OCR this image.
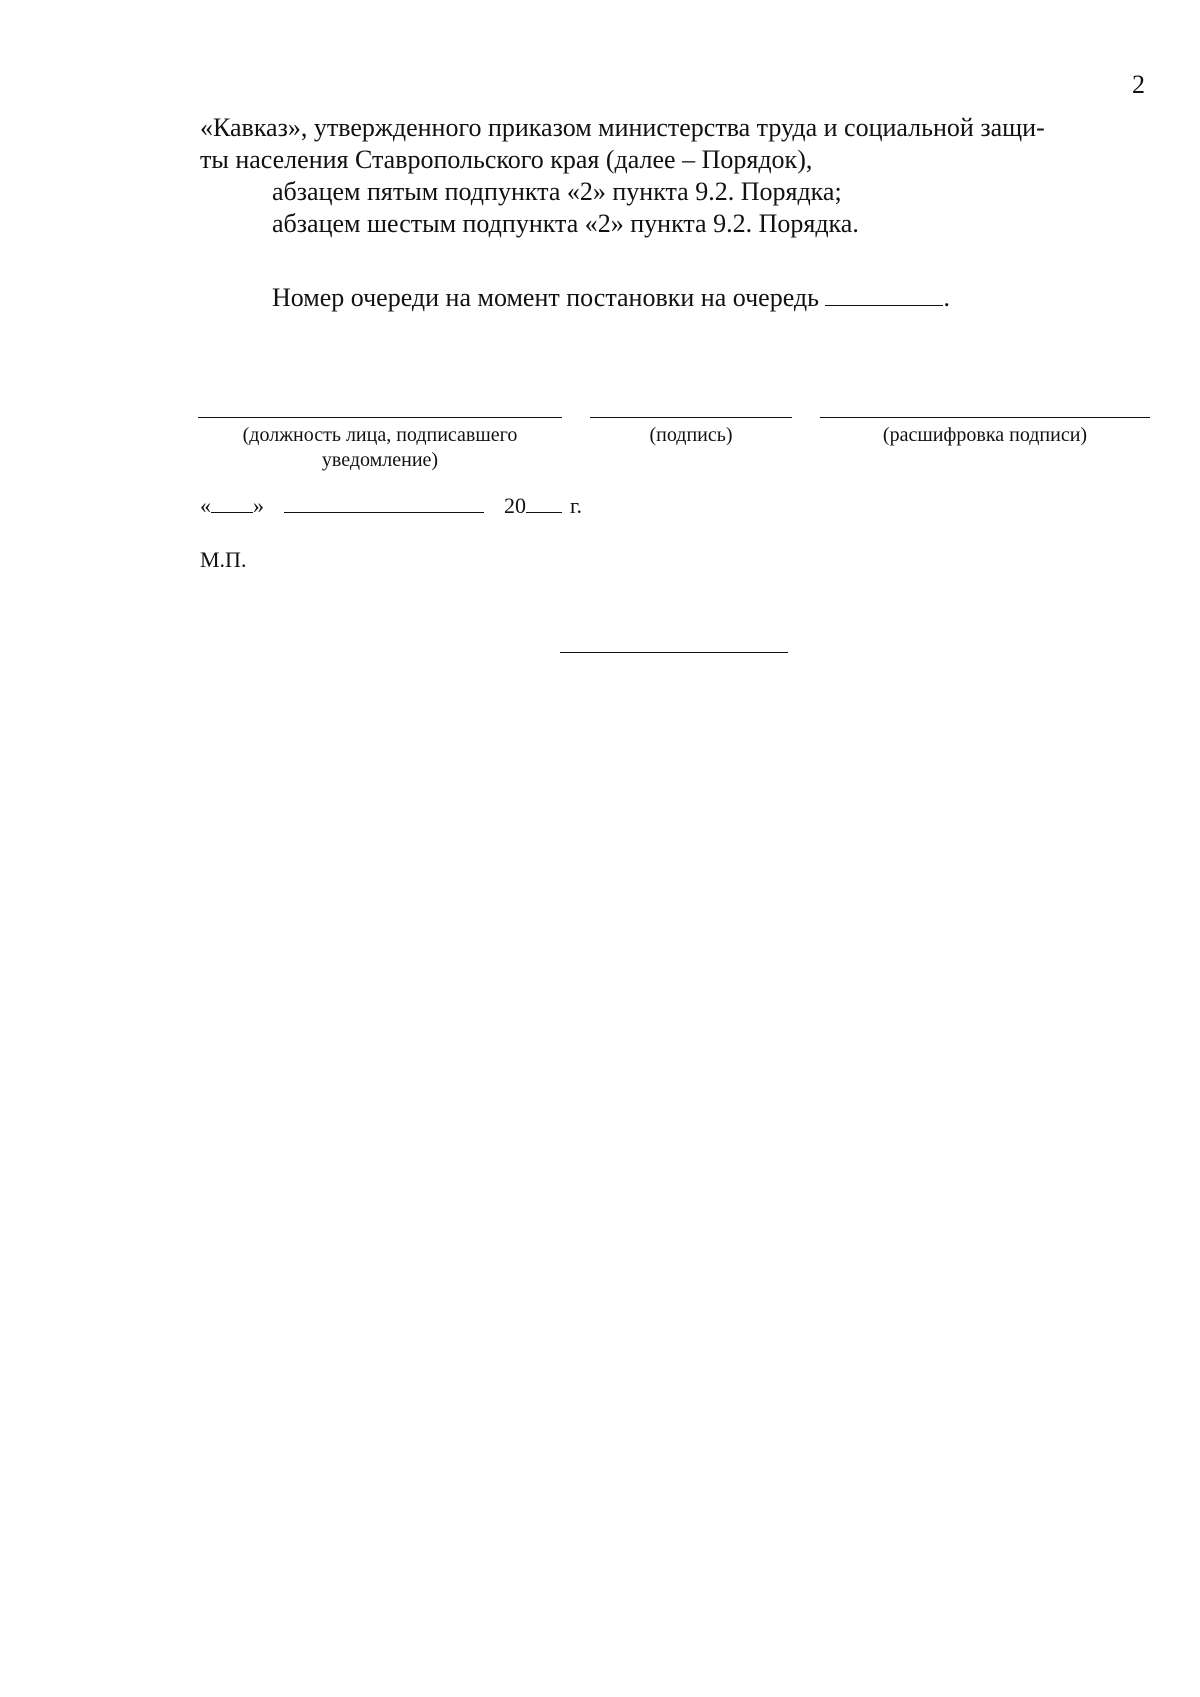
2
«Кавказ», утвержденного приказом министерства труда и социальной защи-
ты населения Ставропольского края (далее – Порядок),
абзацем пятым подпункта «2» пункта 9.2. Порядка;
абзацем шестым подпункта «2» пункта 9.2. Порядка.
Номер очереди на момент постановки на очередь	.
(должность лица, подписавшего уведомление)
(подпись)	(расшифровка подписи)
« »	20 г.
М.П.
